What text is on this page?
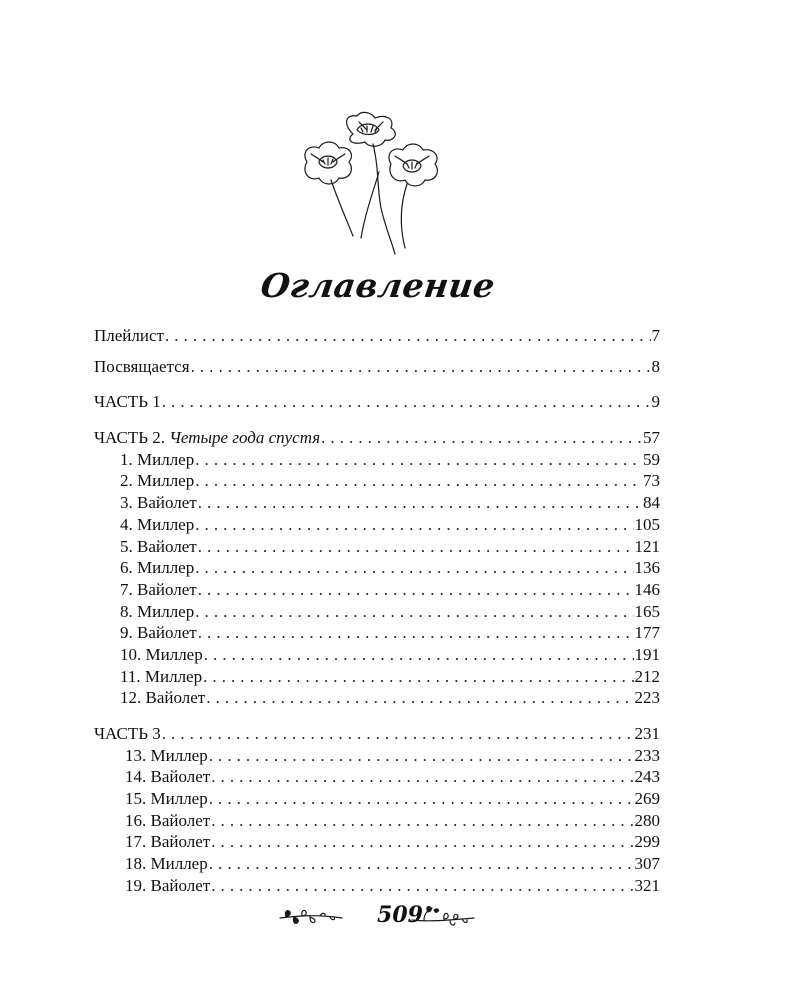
Оглавление
Плейлист . . .	7
Посвящается . . .	8
ЧАСТЬ 1 . . .	9
ЧАСТЬ 2. Четыре года спустя . . .	57
1. Миллер . . .	59
2. Миллер . . .	73
3. Вайолет . . .	84
4. Миллер . . .	105
5. Вайолет . . .	121
6. Миллер . . .	136
7. Вайолет . . .	146
8. Миллер . . .	165
9. Вайолет . . .	177
10. Миллер . . .	191
11. Миллер . . .	212
12. Вайолет . . .	223
ЧАСТЬ 3 . . .	231
13. Миллер . . .	233
14. Вайолет . . .	243
15. Миллер . . .	269
16. Вайолет . . .	280
17. Вайолет . . .	299
18. Миллер . . .	307
19. Вайолет . . .	321
509
